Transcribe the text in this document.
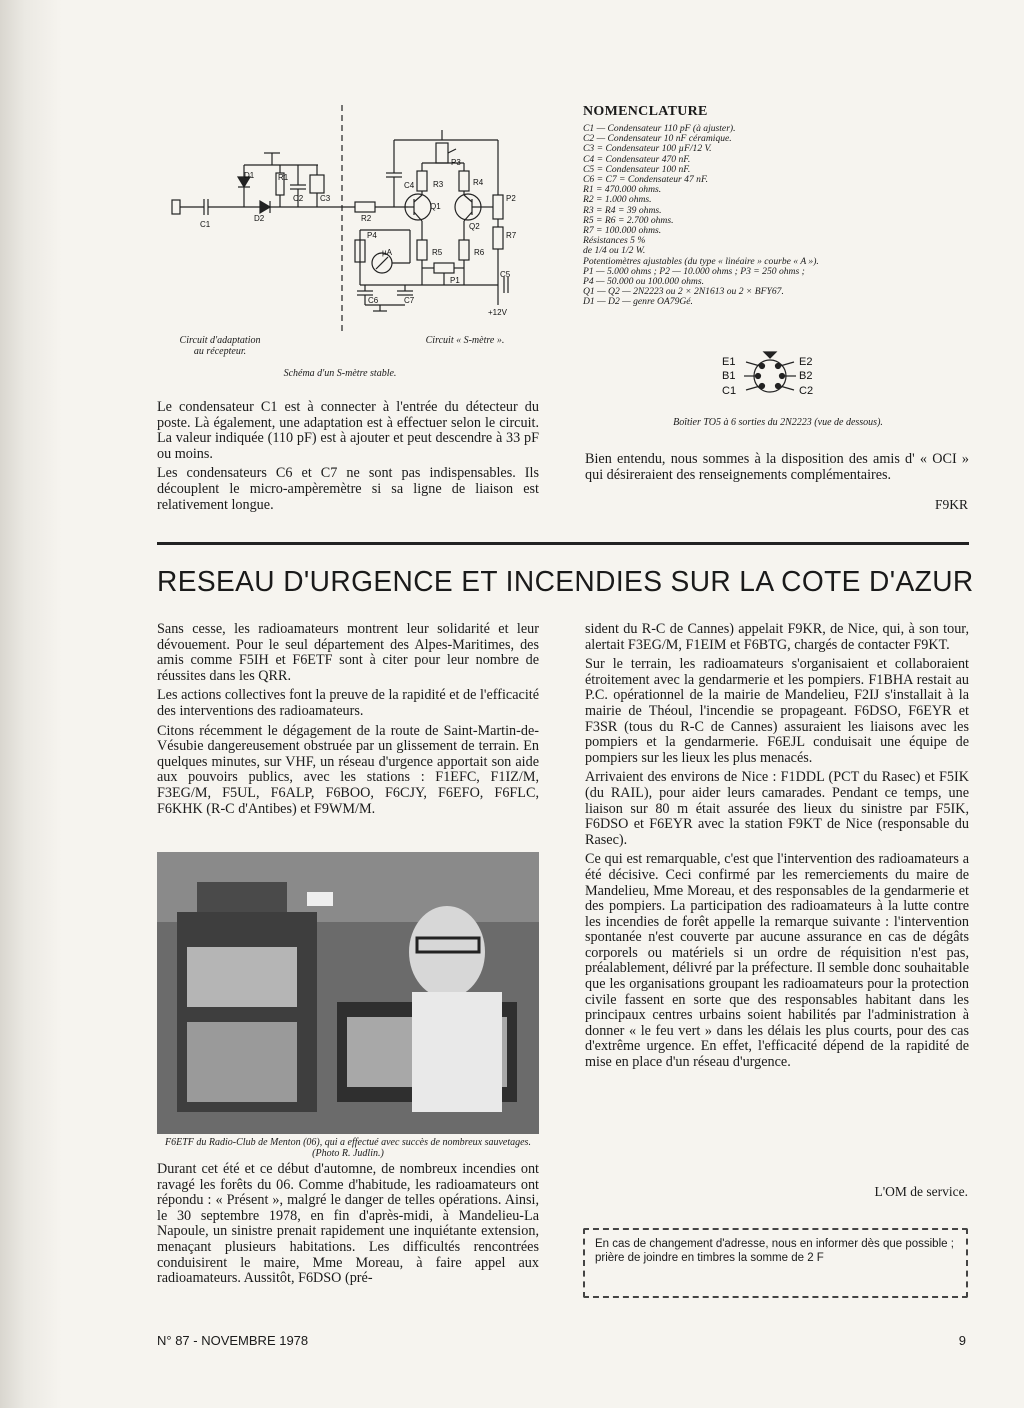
C1
D1
D2
R1
C2 C3
R2
C4 R3
Q1
P3
R4
Q2
P2
R7
P4
µA	R5	R6
P1
C5
C6	C7
+12V
Circuit d'adaptation
au récepteur.
Circuit « S-mètre ».
Schéma d'un S-mètre stable.

Le condensateur C1 est à connecter à l'entrée du détecteur du poste. Là également, une adaptation est à effectuer selon le circuit. La valeur indiquée (110 pF) est à ajouter et peut descendre à 33 pF ou moins.

Les condensateurs C6 et C7 ne sont pas indispensables. Ils découplent le micro-ampèremètre si sa ligne de liaison est relativement longue.

NOMENCLATURE
C1 — Condensateur 110 pF (à ajuster).
C2 — Condensateur 10 nF céramique.
C3 = Condensateur 100 µF/12 V.
C4 = Condensateur 470 nF.
C5 = Condensateur 100 nF.
C6 = C7 = Condensateur 47 nF.
R1 = 470.000 ohms.
R2 = 1.000 ohms.
R3 = R4 = 39 ohms.
R5 = R6 = 2.700 ohms.
R7 = 100.000 ohms.
Résistances 5 %
de 1/4 ou 1/2 W.
Potentiomètres ajustables (du type « linéaire » courbe « A »).
P1 — 5.000 ohms ; P2 — 10.000 ohms ; P3 = 250 ohms ;
P4 — 50.000 ou 100.000 ohms.
Q1 — Q2 — 2N2223 ou 2 × 2N1613 ou 2 × BFY67.
D1 — D2 — genre OA79Gé.
E1
B1
C1
E2
B2
C2
Boîtier TO5 à 6 sorties du 2N2223 (vue de dessous).

Bien entendu, nous sommes à la disposition des amis d' « OCI » qui désireraient des renseignements complémentaires.

F9KR
RESEAU D'URGENCE ET INCENDIES SUR LA COTE D'AZUR

Sans cesse, les radioamateurs montrent leur solidarité et leur dévouement. Pour le seul département des Alpes-Maritimes, des amis comme F5IH et F6ETF sont à citer pour leur nombre de réussites dans les QRR.

Les actions collectives font la preuve de la rapidité et de l'efficacité des interventions des radioamateurs.

Citons récemment le dégagement de la route de Saint-Martin-de-Vésubie dangereusement obstruée par un glissement de terrain. En quelques minutes, sur VHF, un réseau d'urgence apportait son aide aux pouvoirs publics, avec les stations : F1EFC, F1IZ/M, F3EG/M, F5UL, F6ALP, F6BOO, F6CJY, F6EFO, F6FLC, F6KHK (R-C d'Antibes) et F9WM/M.

F6ETF du Radio-Club de Menton (06), qui a effectué avec succès de nombreux sauvetages. (Photo R. Judlin.)

Durant cet été et ce début d'automne, de nombreux incendies ont ravagé les forêts du 06. Comme d'habitude, les radioamateurs ont répondu : « Présent », malgré le danger de telles opérations. Ainsi, le 30 septembre 1978, en fin d'après-midi, à Mandelieu-La Napoule, un sinistre prenait rapidement une inquiétante extension, menaçant plusieurs habitations. Les difficultés rencontrées conduisirent le maire, Mme Moreau, à faire appel aux radioamateurs. Aussitôt, F6DSO (pré-

sident du R-C de Cannes) appelait F9KR, de Nice, qui, à son tour, alertait F3EG/M, F1EIM et F6BTG, chargés de contacter F9KT.

Sur le terrain, les radioamateurs s'organisaient et collaboraient étroitement avec la gendarmerie et les pompiers. F1BHA restait au P.C. opérationnel de la mairie de Mandelieu, F2IJ s'installait à la mairie de Théoul, l'incendie se propageant. F6DSO, F6EYR et F3SR (tous du R-C de Cannes) assuraient les liaisons avec les pompiers et la gendarmerie. F6EJL conduisait une équipe de pompiers sur les lieux les plus menacés.

Arrivaient des environs de Nice : F1DDL (PCT du Rasec) et F5IK (du RAIL), pour aider leurs camarades. Pendant ce temps, une liaison sur 80 m était assurée des lieux du sinistre par F5IK, F6DSO et F6EYR avec la station F9KT de Nice (responsable du Rasec).

Ce qui est remarquable, c'est que l'intervention des radioamateurs a été décisive. Ceci confirmé par les remerciements du maire de Mandelieu, Mme Moreau, et des responsables de la gendarmerie et des pompiers. La participation des radioamateurs à la lutte contre les incendies de forêt appelle la remarque suivante : l'intervention spontanée n'est couverte par aucune assurance en cas de dégâts corporels ou matériels si un ordre de réquisition n'est pas, préalablement, délivré par la préfecture. Il semble donc souhaitable que les organisations groupant les radioamateurs pour la protection civile fassent en sorte que des responsables habitant dans les principaux centres urbains soient habilités par l'administration à donner « le feu vert » dans les délais les plus courts, pour des cas d'extrême urgence. En effet, l'efficacité dépend de la rapidité de mise en place d'un réseau d'urgence.

L'OM de service.
En cas de changement d'adresse, nous en informer dès que possible ; prière de joindre en timbres la somme de 2 F
N° 87 - NOVEMBRE 1978	9
